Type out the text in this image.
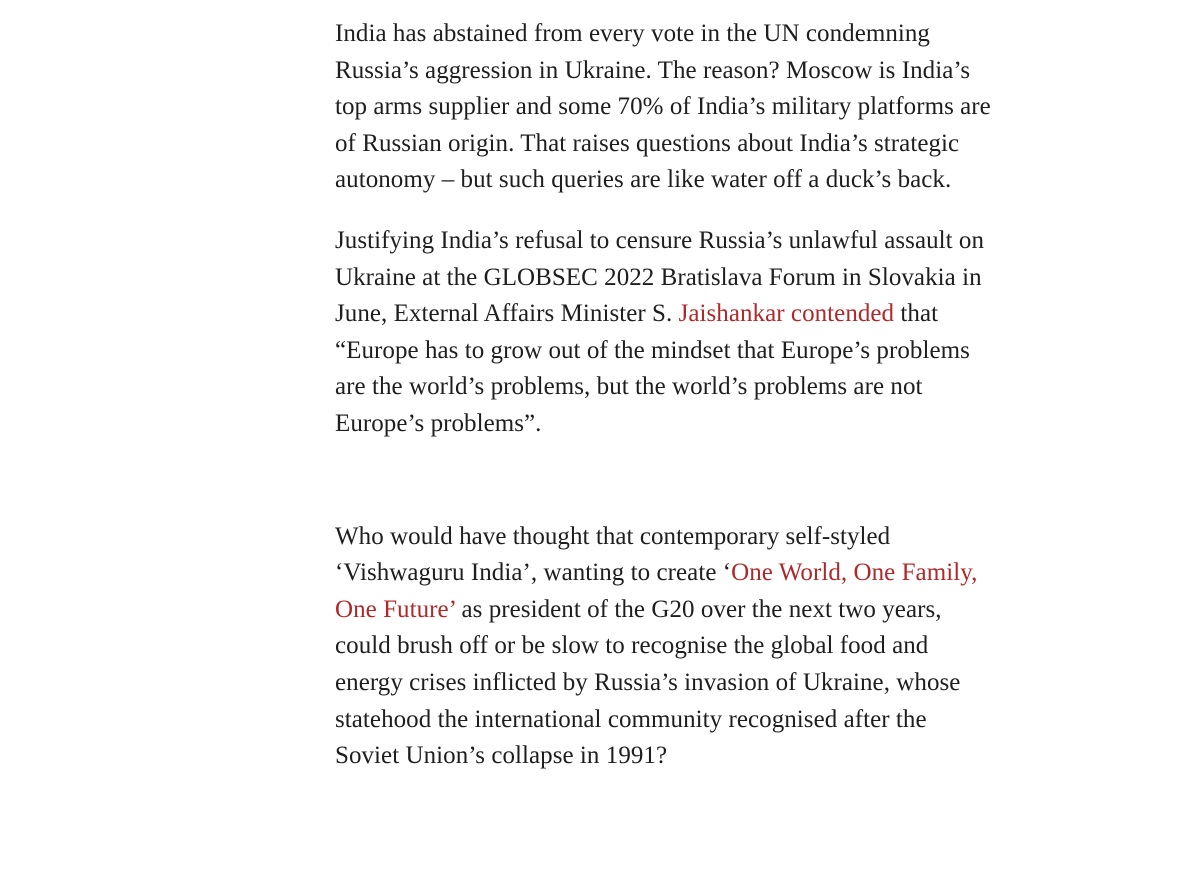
India has abstained from every vote in the UN condemning Russia’s aggression in Ukraine. The reason? Moscow is India’s top arms supplier and some 70% of India’s military platforms are of Russian origin. That raises questions about India’s strategic autonomy – but such queries are like water off a duck’s back.

Justifying India’s refusal to censure Russia’s unlawful assault on Ukraine at the GLOBSEC 2022 Bratislava Forum in Slovakia in June, External Affairs Minister S. Jaishankar contended that “Europe has to grow out of the mindset that Europe’s problems are the world’s problems, but the world’s problems are not Europe’s problems”.

Who would have thought that contemporary self-styled ‘Vishwaguru India’, wanting to create ‘One World, One Family, One Future’ as president of the G20 over the next two years, could brush off or be slow to recognise the global food and energy crises inflicted by Russia’s invasion of Ukraine, whose statehood the international community recognised after the Soviet Union’s collapse in 1991?
